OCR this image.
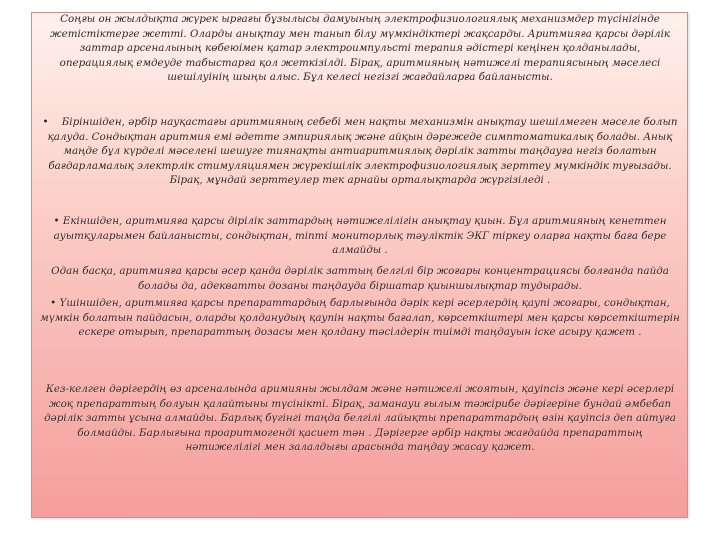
Соңғы он жылдықта жүрек ырғағы бұзылысы дамуының электрофизиологиялық механизмдер түсінігінде жетістіктерге жетті. Оларды анықтау мен танып білу мүмкіндіктері жақсарды. Аритмияға қарсы дәрілік заттар арсеналының көбеюімен қатар электроимпульсті терапия әдістері кеңінен қолданылады, операциялық емдеуде табыстарға қол жеткізілді. Бірақ, аритмияның нәтижелі терапиясының мәселесі шешілуінің шыңы алыс. Бұл келесі негізгі жағдайларға байланысты.

• Біріншіден, әрбір науқастағы аритмияның себебі мен нақты механизмін анықтау шешілмеген мәселе болып қалуда. Сондықтан аритмия емі әдетте эмпириялық және айқын дәрежеде симптоматикалық болады. Анық маңде бұл күрделі мәселені шешуге тиянақты антиаритмиялық дәрілік затты таңдауға негіз болатын бағдарламалық электрлік стимуляциямен жүрекішілік электрофизиологиялық зерттеу мүмкіндік туғызады. Бірақ, мұндай зерттеулер тек арнайы орталықтарда жүргізіледі .

• Екіншіден, аритмияға қарсы дірілік заттардың нәтижелілігін анықтау қиын. Бұл аритмияның кенеттен ауытқуларымен байланысты, сондықтан, тіпті мониторлық тәуліктік ЭКГ тіркеу оларға нақты баға бере алмайды .

Одан басқа, аритмияға қарсы әсер қанда дәрілік заттың белгілі бір жоғары концентрациясы болғанда пайда болады да, адекватты дозаны таңдауда біршатар қиыншылықтар тудырады.

• Үшіншіден, аритмияға қарсы препараттардың барлығында дәрік кері әсерлердің қаупі жоғары, сондықтан, мүмкін болатын пайдасын, оларды қолданудың қаупін нақты бағалап, көрсеткіштері мен қарсы көрсеткіштерін ескере отырып, препараттың дозасы мен қолдану тәсілдерін тиімді таңдауын іске асыру қажет .

Кез-келген дәрігердің өз арсеналында аримияны жылдам және нәтижелі жоятын, қауіпсіз және кері әсерлері жоқ препараттың болуын қалайтыны түсінікті. Бірақ, заманауи ғылым тәжірибе дәрігеріне бундай әмбебап дәрілік затты ұсына алмайды. Барлық бүгінгі таңда белгілі лайықты препараттардың өзін қауіпсіз деп айтуға болмайды. Барлығына проаритмогенді қасиет тән . Дәрігерге әрбір нақты жағдайда препараттың нәтижелілігі мен залалдығы арасында таңдау жасау қажет.
